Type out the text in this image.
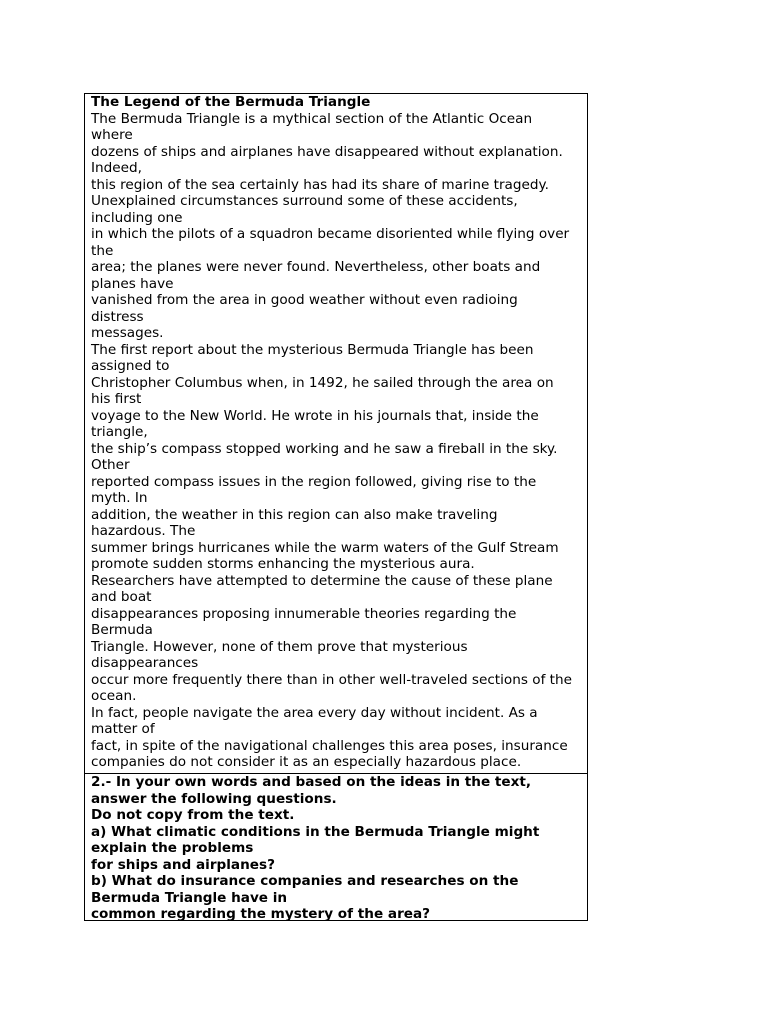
The Legend of the Bermuda Triangle
The Bermuda Triangle is a mythical section of the Atlantic Ocean
where
dozens of ships and airplanes have disappeared without explanation.
Indeed,
this region of the sea certainly has had its share of marine tragedy.
Unexplained circumstances surround some of these accidents,
including one
in which the pilots of a squadron became disoriented while flying over
the
area; the planes were never found. Nevertheless, other boats and
planes have
vanished from the area in good weather without even radioing
distress
messages.
The first report about the mysterious Bermuda Triangle has been
assigned to
Christopher Columbus when, in 1492, he sailed through the area on
his first
voyage to the New World. He wrote in his journals that, inside the
triangle,
the ship’s compass stopped working and he saw a fireball in the sky.
Other
reported compass issues in the region followed, giving rise to the
myth. In
addition, the weather in this region can also make traveling
hazardous. The
summer brings hurricanes while the warm waters of the Gulf Stream
promote sudden storms enhancing the mysterious aura.
Researchers have attempted to determine the cause of these plane
and boat
disappearances proposing innumerable theories regarding the
Bermuda
Triangle. However, none of them prove that mysterious
disappearances
occur more frequently there than in other well-traveled sections of the
ocean.
In fact, people navigate the area every day without incident. As a
matter of
fact, in spite of the navigational challenges this area poses, insurance
companies do not consider it as an especially hazardous place.
2.- In your own words and based on the ideas in the text,
answer the following questions.
Do not copy from the text.
a) What climatic conditions in the Bermuda Triangle might
explain the problems
for ships and airplanes?
b) What do insurance companies and researches on the
Bermuda Triangle have in
common regarding the mystery of the area?
